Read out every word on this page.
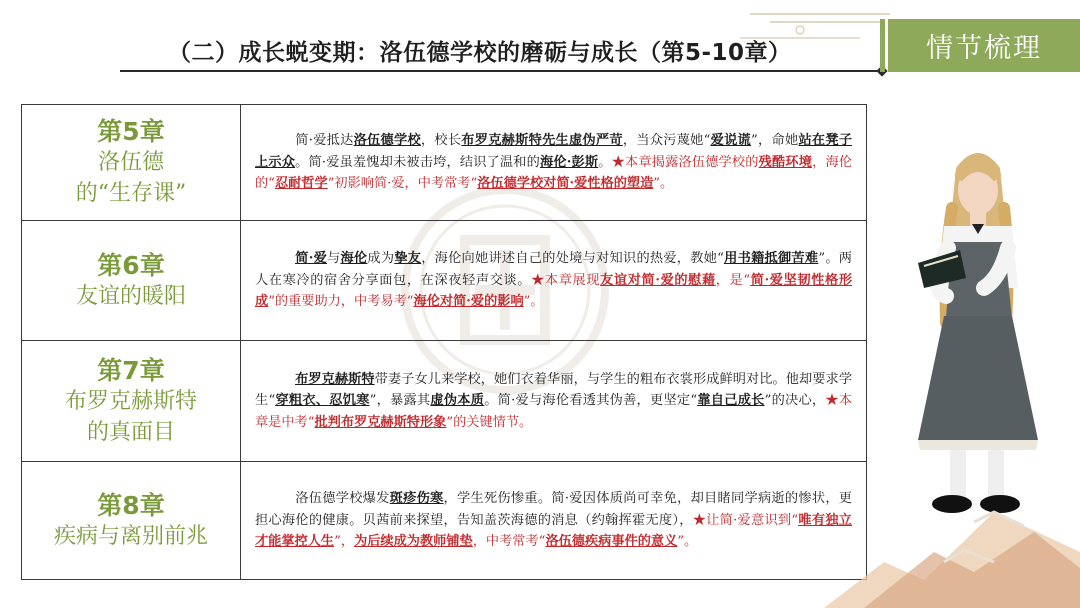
（二）成长蜕变期：洛伍德学校的磨砺与成长（第5-10章）	情节梳理
第5章
洛伍德
的“生存课”	简·爱抵达洛伍德学校，校长布罗克赫斯特先生虚伪严苛，当众污蔑她“爱说谎”，命她站在凳子上示众。简·爱虽羞愧却未被击垮，结识了温和的海伦·彭斯。★本章揭露洛伍德学校的残酷环境，海伦的“忍耐哲学”初影响简·爱，中考常考“洛伍德学校对简·爱性格的塑造”。

第6章
友谊的暖阳	简·爱与海伦成为挚友，海伦向她讲述自己的处境与对知识的热爱，教她“用书籍抵御苦难”。两人在寒冷的宿舍分享面包，在深夜轻声交谈。★本章展现友谊对简·爱的慰藉，是“简·爱坚韧性格形成”的重要助力，中考易考“海伦对简·爱的影响”。

第7章
布罗克赫斯特
的真面目	布罗克赫斯特带妻子女儿来学校，她们衣着华丽，与学生的粗布衣裳形成鲜明对比。他却要求学生“穿粗衣、忍饥寒”，暴露其虚伪本质。简·爱与海伦看透其伪善，更坚定“靠自己成长”的决心，★本章是中考“批判布罗克赫斯特形象”的关键情节。

第8章
疾病与离别前兆	洛伍德学校爆发斑疹伤寒，学生死伤惨重。简·爱因体质尚可幸免，却目睹同学病逝的惨状，更担心海伦的健康。贝茜前来探望，告知盖茨海德的消息（约翰挥霍无度），★让简·爱意识到“唯有独立才能掌控人生”，为后续成为教师铺垫，中考常考“洛伍德疾病事件的意义”。
